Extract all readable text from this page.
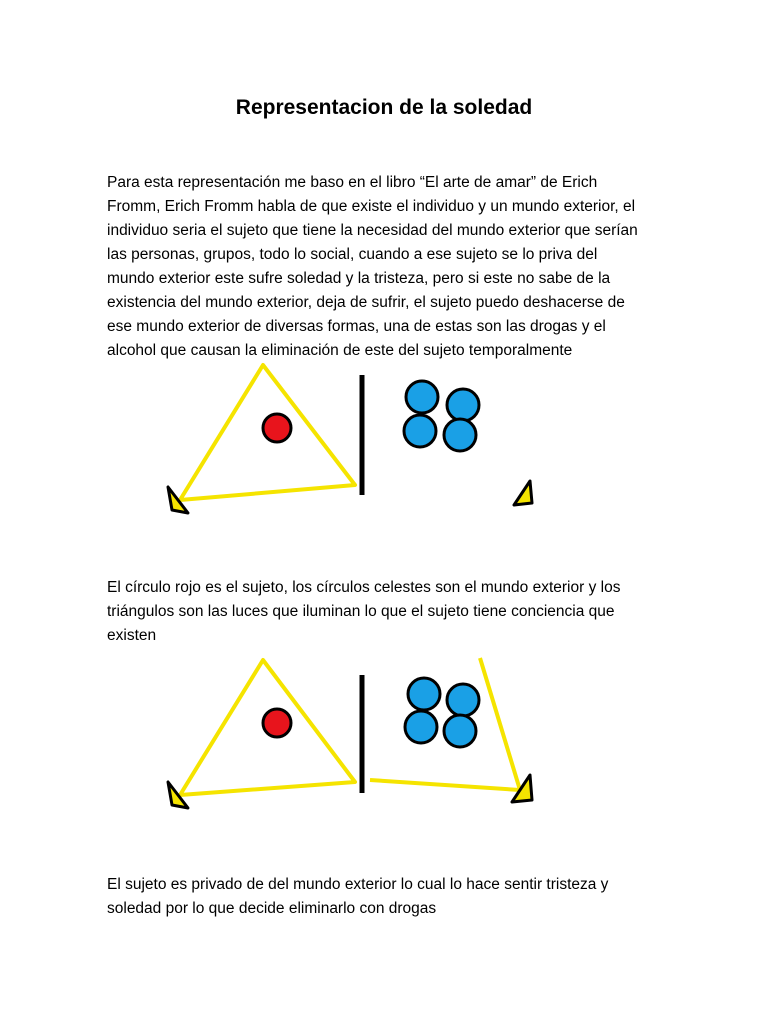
Representacion de la soledad

Para esta representación me baso en el libro “El arte de amar” de Erich

Fromm, Erich Fromm habla de que existe el individuo y un mundo exterior, el

individuo seria el sujeto que tiene la necesidad del mundo exterior que serían

las personas, grupos, todo lo social, cuando a ese sujeto se lo priva del

mundo exterior este sufre soledad y la tristeza, pero si este no sabe de la

existencia del mundo exterior, deja de sufrir, el sujeto puedo deshacerse de

ese mundo exterior de diversas formas, una de estas son las drogas y el

alcohol que causan la eliminación de este del sujeto temporalmente

El círculo rojo es el sujeto, los círculos celestes son el mundo exterior y los

triángulos son las luces que iluminan lo que el sujeto tiene conciencia que

existen

El sujeto es privado de del mundo exterior lo cual lo hace sentir tristeza y

soledad por lo que decide eliminarlo con drogas
